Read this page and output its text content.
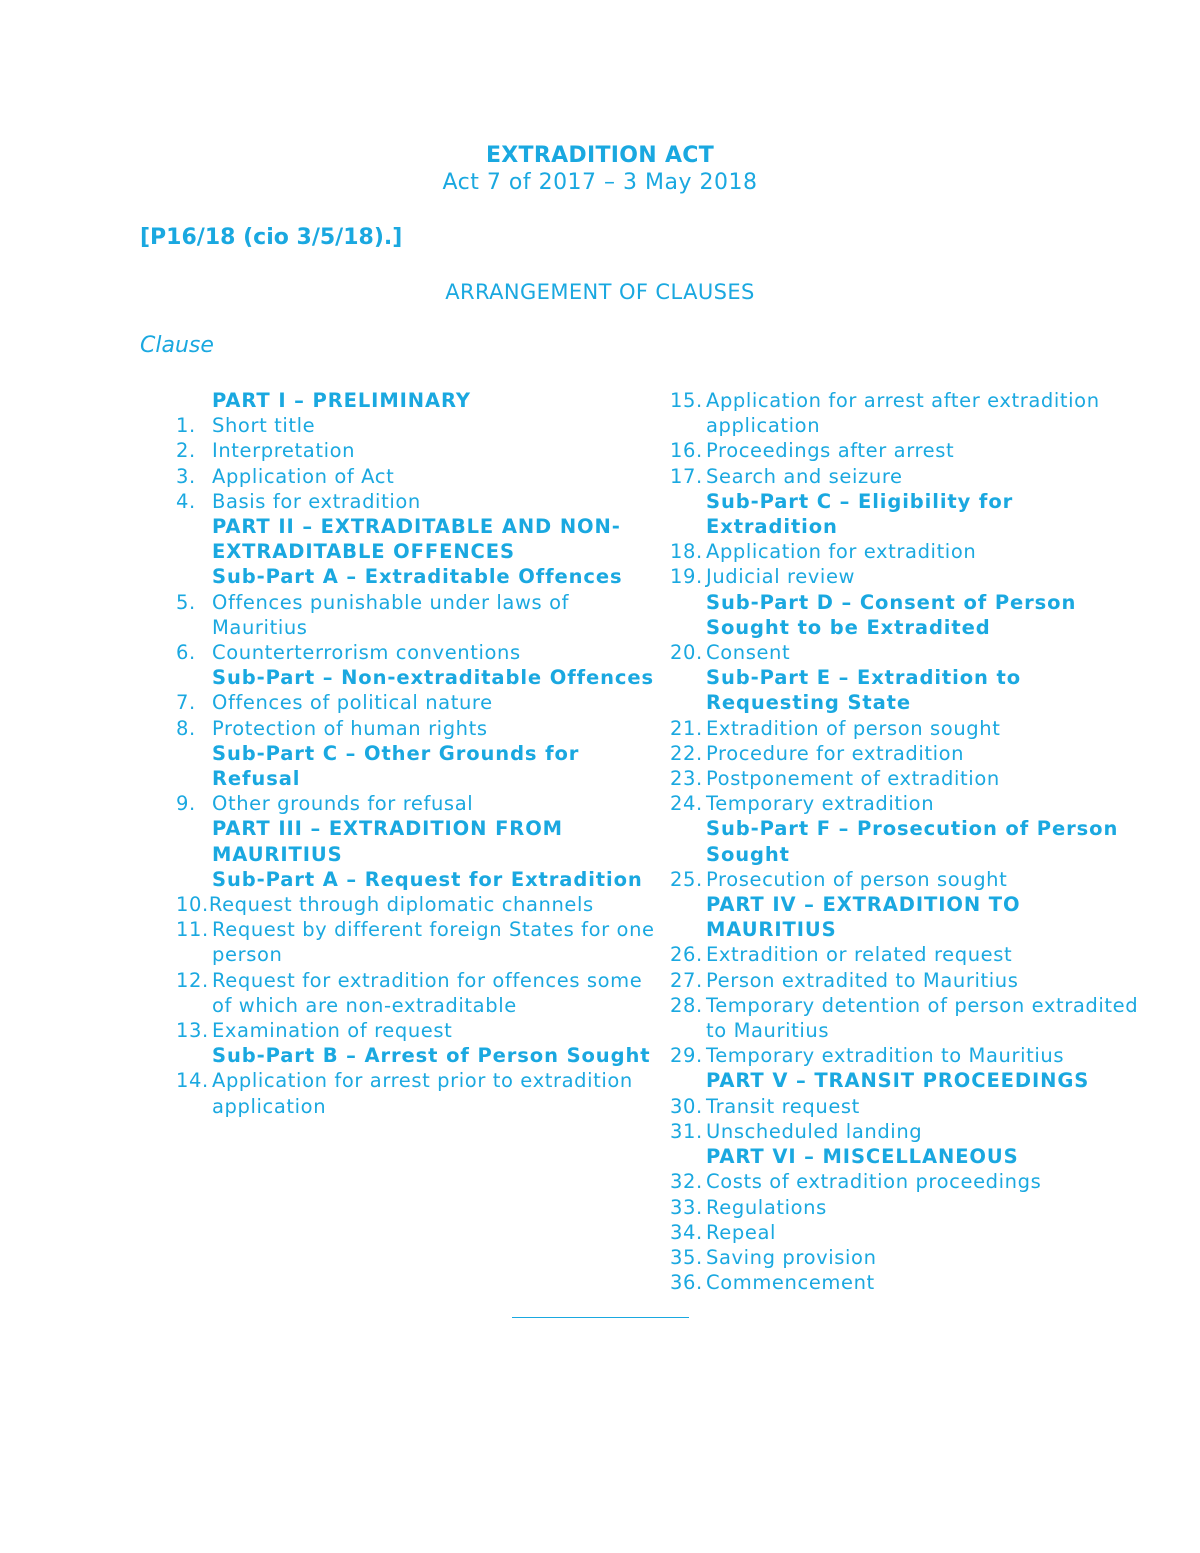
EXTRADITION ACT
Act 7 of 2017 – 3 May 2018
[P16/18 (cio 3/5/18).]
ARRANGEMENT OF CLAUSES
Clause
PART I – PRELIMINARY
1. Short title
2. Interpretation
3. Application of Act
4. Basis for extradition
PART II – EXTRADITABLE AND NON-EXTRADITABLE OFFENCES
Sub-Part A – Extraditable Offences
5. Offences punishable under laws of Mauritius
6. Counterterrorism conventions
Sub-Part – Non-extraditable Offences
7. Offences of political nature
8. Protection of human rights
Sub-Part C – Other Grounds for Refusal
9. Other grounds for refusal
PART III – EXTRADITION FROM MAURITIUS
Sub-Part A – Request for Extradition
10.Request through diplomatic channels
11. Request by different foreign States for one person
12. Request for extradition for offences some of which are non-extraditable
13. Examination of request
Sub-Part B – Arrest of Person Sought
14. Application for arrest prior to extradition application
15. Application for arrest after extradition application
16. Proceedings after arrest
17. Search and seizure
Sub-Part C – Eligibility for Extradition
18. Application for extradition
19. Judicial review
Sub-Part D – Consent of Person Sought to be Extradited
20. Consent
Sub-Part E – Extradition to Requesting State
21. Extradition of person sought
22. Procedure for extradition
23. Postponement of extradition
24. Temporary extradition
Sub-Part F – Prosecution of Person Sought
25. Prosecution of person sought
PART IV – EXTRADITION TO MAURITIUS
26. Extradition or related request
27. Person extradited to Mauritius
28. Temporary detention of person extradited to Mauritius
29. Temporary extradition to Mauritius
PART V – TRANSIT PROCEEDINGS
30. Transit request
31. Unscheduled landing
PART VI – MISCELLANEOUS
32. Costs of extradition proceedings
33. Regulations
34. Repeal
35. Saving provision
36. Commencement
